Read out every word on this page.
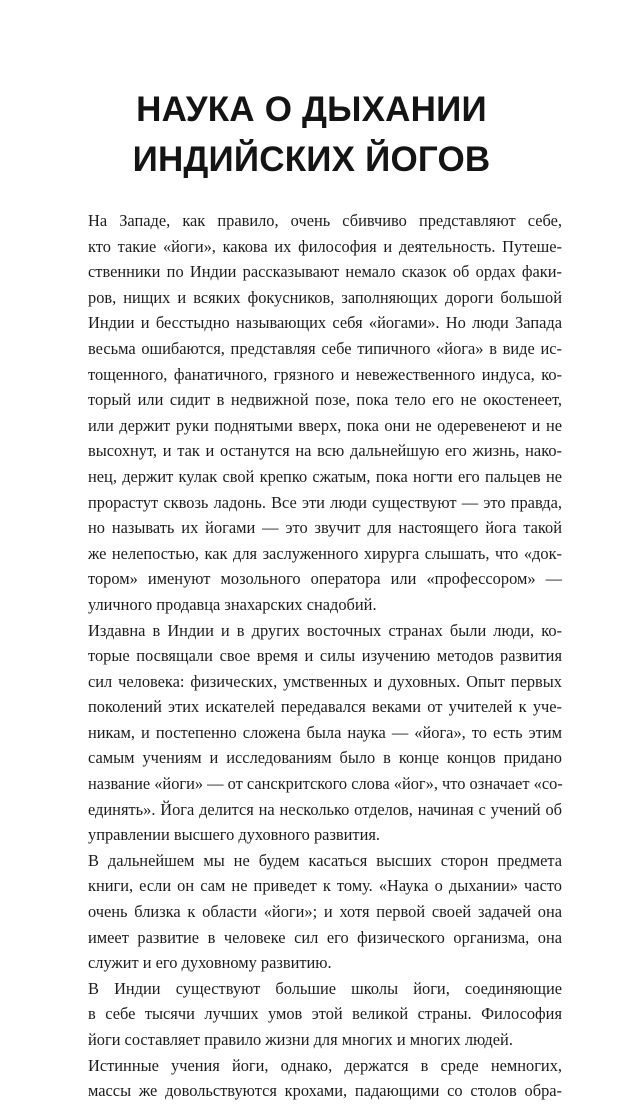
НАУКА О ДЫХАНИИ
ИНДИЙСКИХ ЙОГОВ
На Западе, как правило, очень сбивчиво представляют себе,
кто такие «йоги», какова их философия и деятельность. Путеше-
ственники по Индии рассказывают немало сказок об ордах факи-
ров, нищих и всяких фокусников, заполняющих дороги большой
Индии и бесстыдно называющих себя «йогами». Но люди Запада
весьма ошибаются, представляя себе типичного «йога» в виде ис-
тощенного, фанатичного, грязного и невежественного индуса, ко-
торый или сидит в недвижной позе, пока тело его не окостенеет,
или держит руки поднятыми вверх, пока они не одеревенеют и не
высохнут, и так и останутся на всю дальнейшую его жизнь, нако-
нец, держит кулак свой крепко сжатым, пока ногти его пальцев не
прорастут сквозь ладонь. Все эти люди существуют — это правда,
но называть их йогами — это звучит для настоящего йога такой
же нелепостью, как для заслуженного хирурга слышать, что «док-
тором» именуют мозольного оператора или «профессором» —
уличного продавца знахарских снадобий.
Издавна в Индии и в других восточных странах были люди, ко-
торые посвящали свое время и силы изучению методов развития
сил человека: физических, умственных и духовных. Опыт первых
поколений этих искателей передавался веками от учителей к уче-
никам, и постепенно сложена была наука — «йога», то есть этим
самым учениям и исследованиям было в конце концов придано
название «йоги» — от санскритского слова «йог», что означает «со-
единять». Йога делится на несколько отделов, начиная с учений об
управлении высшего духовного развития.
В дальнейшем мы не будем касаться высших сторон предмета
книги, если он сам не приведет к тому. «Наука о дыхании» часто
очень близка к области «йоги»; и хотя первой своей задачей она
имеет развитие в человеке сил его физического организма, она
служит и его духовному развитию.
В Индии существуют большие школы йоги, соединяющие
в себе тысячи лучших умов этой великой страны. Философия
йоги составляет правило жизни для многих и многих людей.
Истинные учения йоги, однако, держатся в среде немногих,
массы же довольствуются крохами, падающими со столов обра-
